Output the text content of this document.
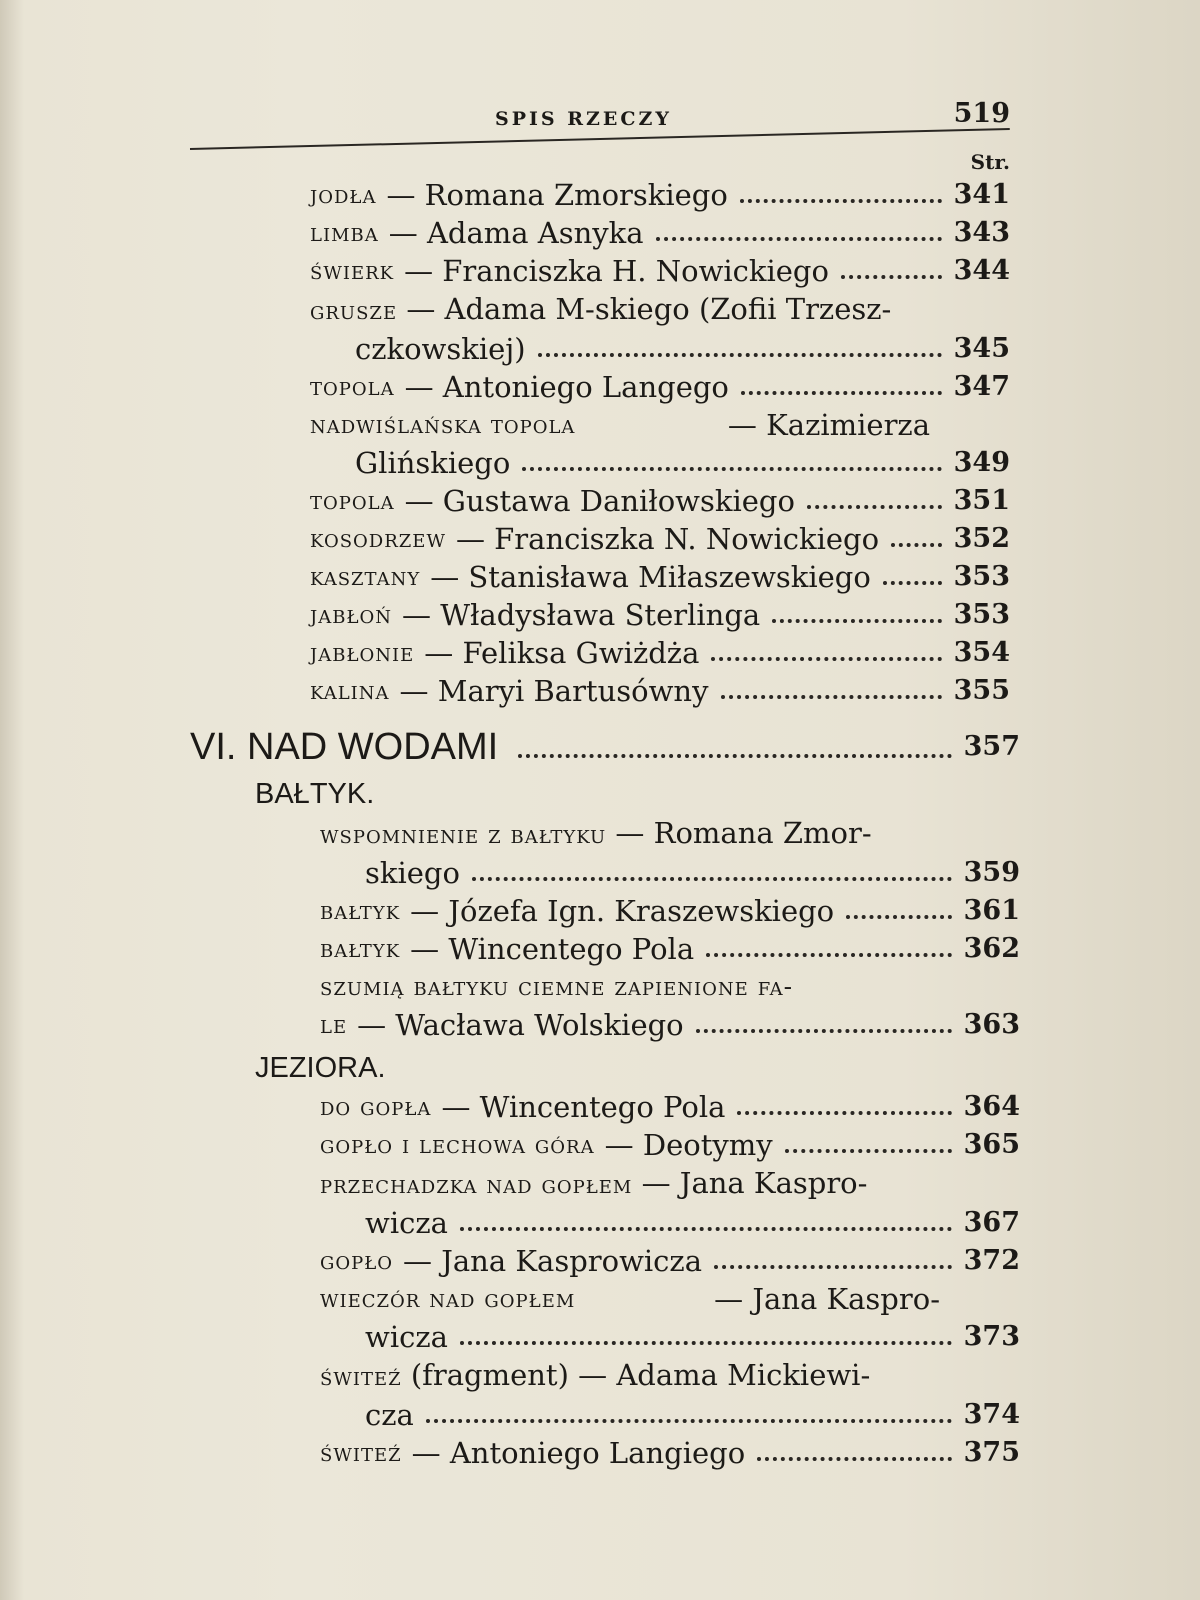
SPIS RZECZY	519
Str.
jodła — Romana Zmorskiego	341
limba — Adama Asnyka	343
świerk — Franciszka H. Nowickiego	344
grusze — Adama M-skiego (Zofii Trzesz-
czkowskiej)	345
topola — Antoniego Langego	347
nadwiślańska topola	— Kazimierza
Glińskiego	349
topola — Gustawa Daniłowskiego	351
kosodrzew — Franciszka N. Nowickiego	352
kasztany — Stanisława Miłaszewskiego	353
jabłoń — Władysława Sterlinga	353
jabłonie — Feliksa Gwiżdża	354
kalina — Maryi Bartusówny	355
VI. NAD WODAMI	357
BAŁTYK.
wspomnienie z bałtyku — Romana Zmor-
skiego	359
bałtyk — Józefa Ign. Kraszewskiego	361
bałtyk — Wincentego Pola	362
szumią bałtyku ciemne zapienione fa-
le — Wacława Wolskiego	363
JEZIORA.
do gopła — Wincentego Pola	364
gopło i lechowa góra — Deotymy	365
przechadzka nad gopłem — Jana Kaspro-
wicza	367
gopło — Jana Kasprowicza	372
wieczór nad gopłem	— Jana Kaspro-
wicza	373
świteź (fragment) — Adama Mickiewi-
cza	374
świteź — Antoniego Langiego	375
